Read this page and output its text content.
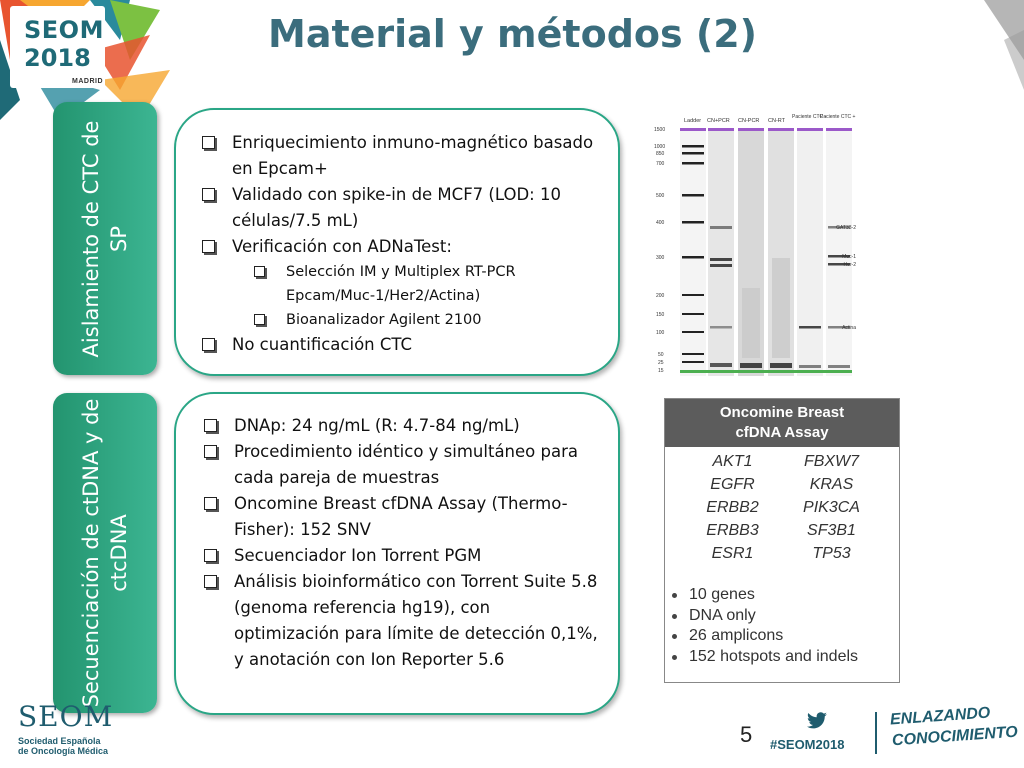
SEOM
2018
MADRID
Material y métodos (2)
Aislamiento de CTC de SP
Enriquecimiento inmuno-magnético basado en Epcam+
Validado con spike-in de MCF7 (LOD: 10 células/7.5 mL)
Verificación con ADNaTest:
Selección IM y Multiplex RT-PCR Epcam/Muc-1/Her2/Actina)
Bioanalizador Agilent 2100
No cuantificación CTC
Secuenciación de ctDNA y de ctcDNA
DNAp: 24 ng/mL (R: 4.7-84 ng/mL)
Procedimiento idéntico y simultáneo para cada pareja de muestras
Oncomine Breast cfDNA Assay (Thermo-Fisher): 152 SNV
Secuenciador Ion Torrent PGM
Análisis bioinformático con Torrent Suite 5.8 (genoma referencia hg19), con optimización para límite de detección 0,1%, y anotación con Ion Reporter 5.6
Ladder CN+PCR CN-PCR CN-RT
Paciente CTC -
Paciente CTC +
1500
1000
850
700
500
400
300
200
150
100
50
25
15
GAT33-2
Muc-1
Her-2
Actina
Oncomine Breast
cfDNA Assay
AKT1	FBXW7
EGFR	KRAS
ERBB2	PIK3CA
ERBB3	SF3B1
ESR1	TP53
10 genes
DNA only
26 amplicons
152 hotspots and indels
SEOM
Sociedad Española
de Oncología Médica
5 #SEOM2018
ENLAZANDO
CONOCIMIENTO
